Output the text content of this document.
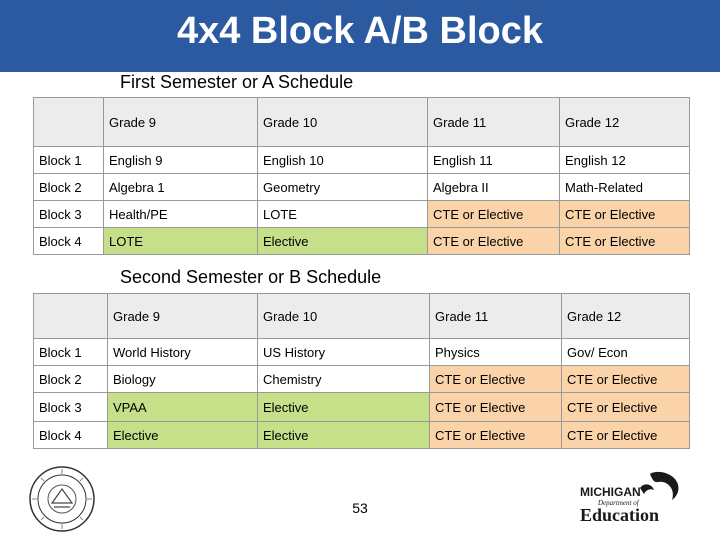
4x4 Block A/B Block
First Semester or A Schedule
	Grade 9	Grade 10	Grade 11	Grade 12
Block 1	English 9	English 10	English 11	English 12
Block 2	Algebra 1	Geometry	Algebra II	Math-Related
Block 3	Health/PE	LOTE	CTE or Elective	CTE or Elective
Block 4	LOTE	Elective	CTE or Elective	CTE or Elective
Second Semester or B Schedule
	Grade 9	Grade 10	Grade 11	Grade 12
Block 1	World History	US History	Physics	Gov/ Econ
Block 2	Biology	Chemistry	CTE or Elective	CTE or Elective
Block 3	VPAA	Elective	CTE or Elective	CTE or Elective
Block 4	Elective	Elective	CTE or Elective	CTE or Elective
53
MICHIGAN
Department of
Education
